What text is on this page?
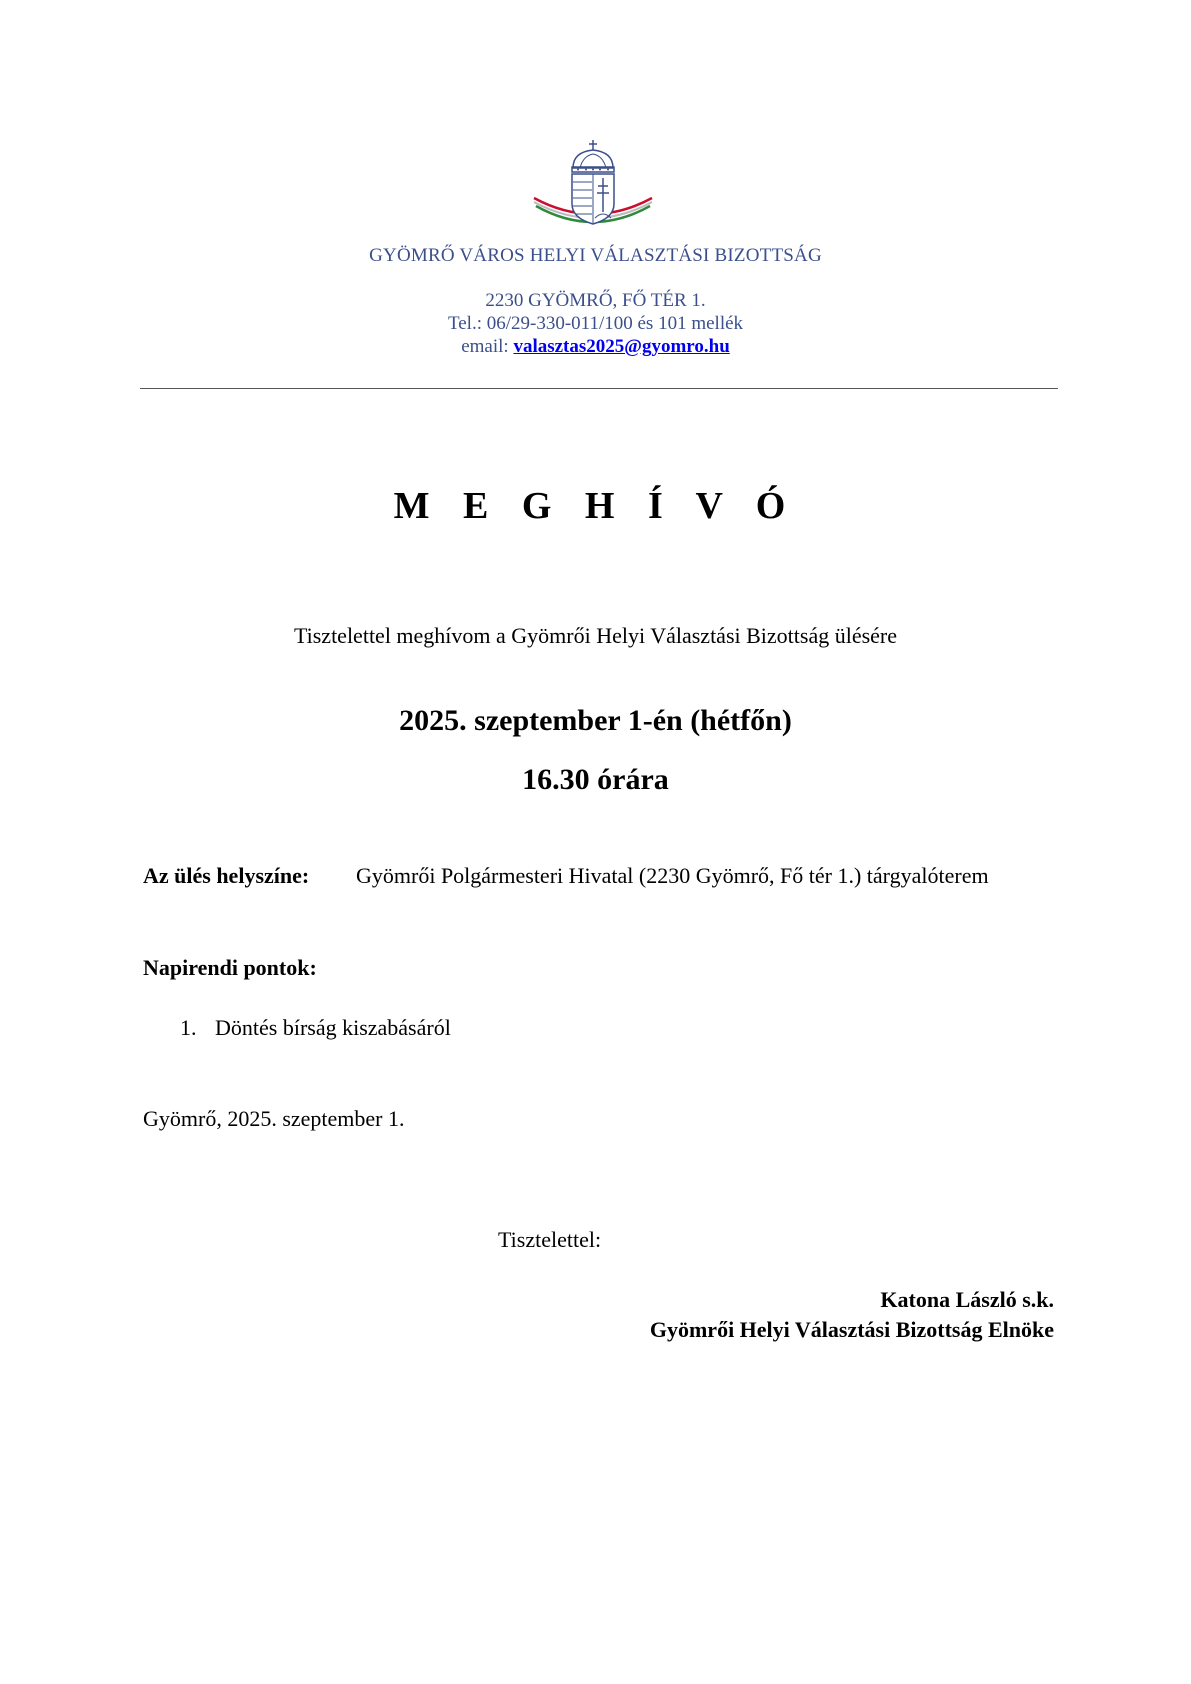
GYÖMRŐ VÁROS HELYI VÁLASZTÁSI BIZOTTSÁG
2230 GYÖMRŐ, FŐ TÉR 1.
Tel.: 06/29-330-011/100 és 101 mellék
email: valasztas2025@gyomro.hu
M E G H Í V Ó
Tisztelettel meghívom a Gyömrői Helyi Választási Bizottság ülésére
2025. szeptember 1-én (hétfőn)
16.30 órára
Az ülés helyszíne: Gyömrői Polgármesteri Hivatal (2230 Gyömrő, Fő tér 1.) tárgyalóterem
Napirendi pontok:
1. Döntés bírság kiszabásáról
Gyömrő, 2025. szeptember 1.
Tisztelettel:
Katona László s.k.
Gyömrői Helyi Választási Bizottság Elnöke
